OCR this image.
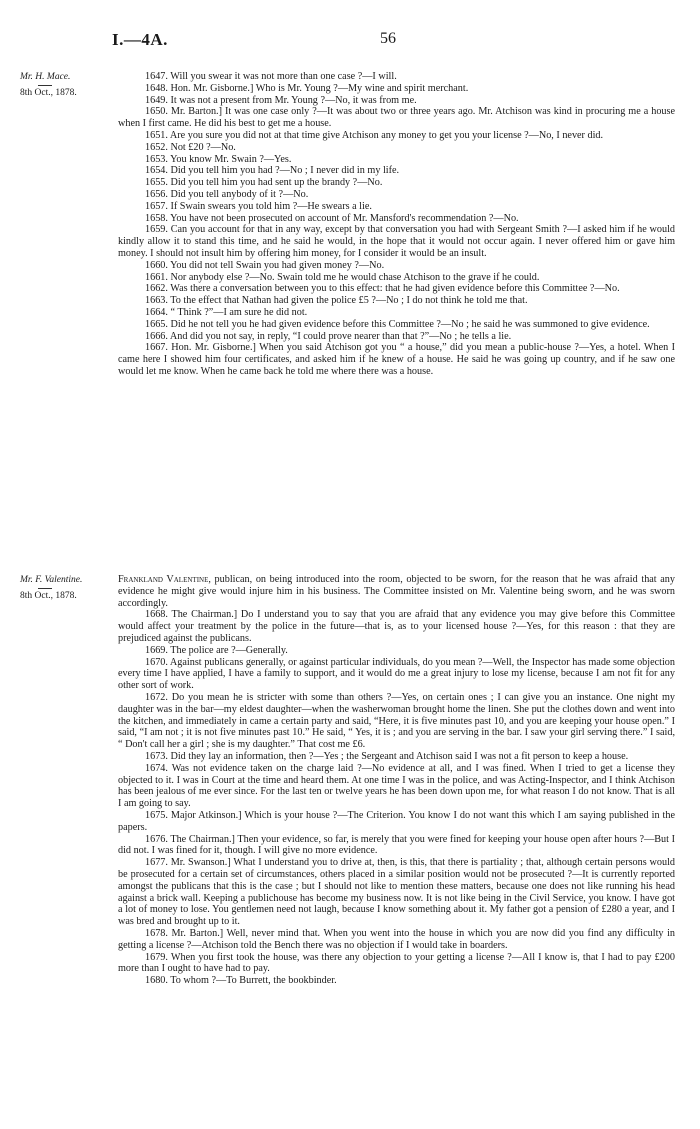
I.—4A.	56
Mr. H. Mace.
8th Oct., 1878.

1647. Will you swear it was not more than one case ?—I will.

1648. Hon. Mr. Gisborne.] Who is Mr. Young ?—My wine and spirit merchant.

1649. It was not a present from Mr. Young ?—No, it was from me.

1650. Mr. Barton.] It was one case only ?—It was about two or three years ago. Mr. Atchison was kind in procuring me a house when I first came. He did his best to get me a house.

1651. Are you sure you did not at that time give Atchison any money to get you your license ?—No, I never did.

1652. Not £20 ?—No.

1653. You know Mr. Swain ?—Yes.

1654. Did you tell him you had ?—No ; I never did in my life.

1655. Did you tell him you had sent up the brandy ?—No.

1656. Did you tell anybody of it ?—No.

1657. If Swain swears you told him ?—He swears a lie.

1658. You have not been prosecuted on account of Mr. Mansford's recommendation ?—No.

1659. Can you account for that in any way, except by that conversation you had with Sergeant Smith ?—I asked him if he would kindly allow it to stand this time, and he said he would, in the hope that it would not occur again. I never offered him or gave him money. I should not insult him by offering him money, for I consider it would be an insult.

1660. You did not tell Swain you had given money ?—No.

1661. Nor anybody else ?—No. Swain told me he would chase Atchison to the grave if he could.

1662. Was there a conversation between you to this effect: that he had given evidence before this Committee ?—No.

1663. To the effect that Nathan had given the police £5 ?—No ; I do not think he told me that.

1664. “ Think ?”—I am sure he did not.

1665. Did he not tell you he had given evidence before this Committee ?—No ; he said he was summoned to give evidence.

1666. And did you not say, in reply, “I could prove nearer than that ?”—No ; he tells a lie.

1667. Hon. Mr. Gisborne.] When you said Atchison got you “ a house,” did you mean a public-house ?—Yes, a hotel. When I came here I showed him four certificates, and asked him if he knew of a house. He said he was going up country, and if he saw one would let me know. When he came back he told me where there was a house.

Mr. F. Valentine.
8th Oct., 1878.

Frankland Valentine, publican, on being introduced into the room, objected to be sworn, for the reason that he was afraid that any evidence he might give would injure him in his business. The Committee insisted on Mr. Valentine being sworn, and he was sworn accordingly.

1668. The Chairman.] Do I understand you to say that you are afraid that any evidence you may give before this Committee would affect your treatment by the police in the future—that is, as to your licensed house ?—Yes, for this reason : that they are prejudiced against the publicans.

1669. The police are ?—Generally.

1670. Against publicans generally, or against particular individuals, do you mean ?—Well, the Inspector has made some objection every time I have applied, I have a family to support, and it would do me a great injury to lose my license, because I am not fit for any other sort of work.

1672. Do you mean he is stricter with some than others ?—Yes, on certain ones ; I can give you an instance. One night my daughter was in the bar—my eldest daughter—when the washerwoman brought home the linen. She put the clothes down and went into the kitchen, and immediately in came a certain party and said, “Here, it is five minutes past 10, and you are keeping your house open.” I said, “I am not ; it is not five minutes past 10.” He said, “ Yes, it is ; and you are serving in the bar. I saw your girl serving there.” I said, “ Don't call her a girl ; she is my daughter.” That cost me £6.

1673. Did they lay an information, then ?—Yes ; the Sergeant and Atchison said I was not a fit person to keep a house.

1674. Was not evidence taken on the charge laid ?—No evidence at all, and I was fined. When I tried to get a license they objected to it. I was in Court at the time and heard them. At one time I was in the police, and was Acting-Inspector, and I think Atchison has been jealous of me ever since. For the last ten or twelve years he has been down upon me, for what reason I do not know. That is all I am going to say.

1675. Major Atkinson.] Which is your house ?—The Criterion. You know I do not want this which I am saying published in the papers.

1676. The Chairman.] Then your evidence, so far, is merely that you were fined for keeping your house open after hours ?—But I did not. I was fined for it, though. I will give no more evidence.

1677. Mr. Swanson.] What I understand you to drive at, then, is this, that there is partiality ; that, although certain persons would be prosecuted for a certain set of circumstances, others placed in a similar position would not be prosecuted ?—It is currently reported amongst the publicans that this is the case ; but I should not like to mention these matters, because one does not like running his head against a brick wall. Keeping a publichouse has become my business now. It is not like being in the Civil Service, you know. I have got a lot of money to lose. You gentlemen need not laugh, because I know something about it. My father got a pension of £280 a year, and I was bred and brought up to it.

1678. Mr. Barton.] Well, never mind that. When you went into the house in which you are now did you find any difficulty in getting a license ?—Atchison told the Bench there was no objection if I would take in boarders.

1679. When you first took the house, was there any objection to your getting a license ?—All I know is, that I had to pay £200 more than I ought to have had to pay.

1680. To whom ?—To Burrett, the bookbinder.
